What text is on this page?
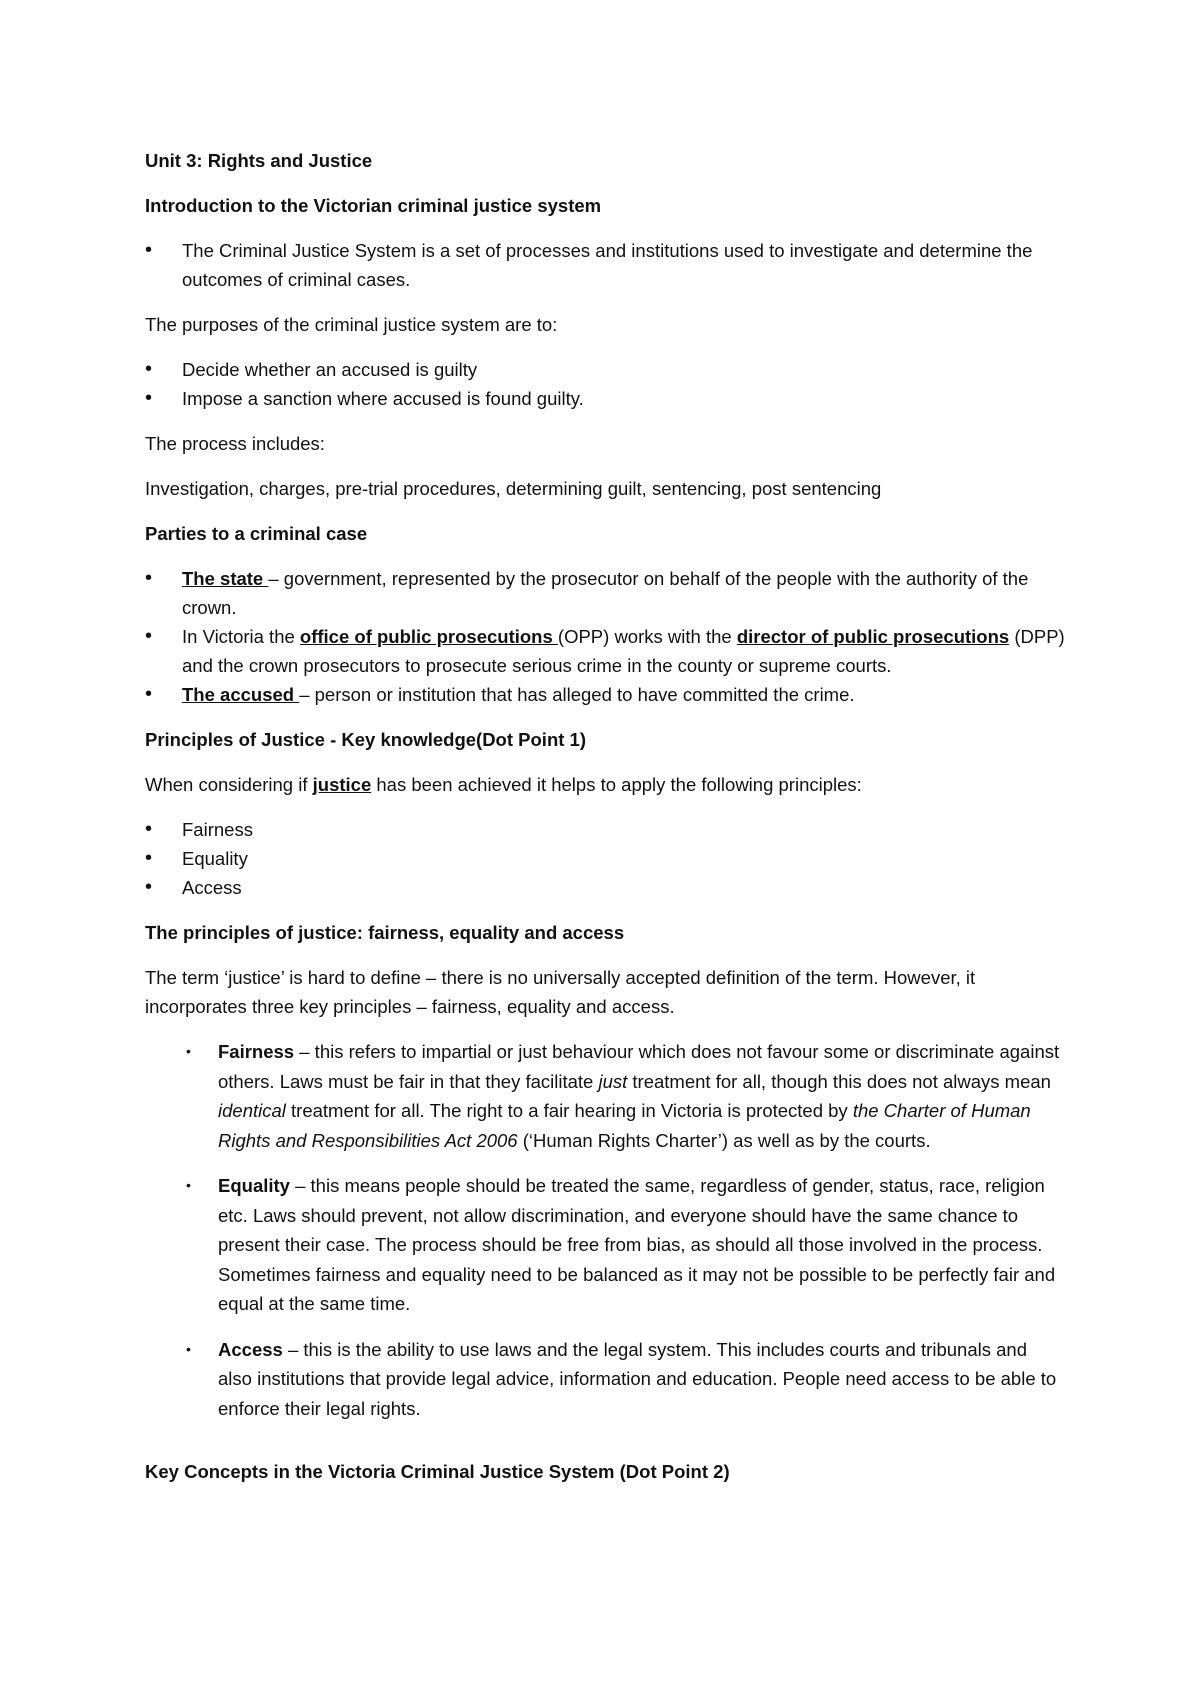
Unit 3: Rights and Justice

Introduction to the Victorian criminal justice system

• The Criminal Justice System is a set of processes and institutions used to investigate and determine the outcomes of criminal cases.

The purposes of the criminal justice system are to:

• Decide whether an accused is guilty
• Impose a sanction where accused is found guilty.

The process includes:

Investigation, charges, pre-trial procedures, determining guilt, sentencing, post sentencing

Parties to a criminal case

• The state – government, represented by the prosecutor on behalf of the people with the authority of the crown.
• In Victoria the office of public prosecutions (OPP) works with the director of public prosecutions (DPP) and the crown prosecutors to prosecute serious crime in the county or supreme courts.
• The accused – person or institution that has alleged to have committed the crime.

Principles of Justice - Key knowledge(Dot Point 1)

When considering if justice has been achieved it helps to apply the following principles:

• Fairness
• Equality
• Access

The principles of justice: fairness, equality and access

The term ‘justice’ is hard to define – there is no universally accepted definition of the term. However, it incorporates three key principles – fairness, equality and access.

• Fairness – this refers to impartial or just behaviour which does not favour some or discriminate against others. Laws must be fair in that they facilitate just treatment for all, though this does not always mean identical treatment for all. The right to a fair hearing in Victoria is protected by the Charter of Human Rights and Responsibilities Act 2006 (‘Human Rights Charter’) as well as by the courts.
• Equality – this means people should be treated the same, regardless of gender, status, race, religion etc. Laws should prevent, not allow discrimination, and everyone should have the same chance to present their case. The process should be free from bias, as should all those involved in the process. Sometimes fairness and equality need to be balanced as it may not be possible to be perfectly fair and equal at the same time.
• Access – this is the ability to use laws and the legal system. This includes courts and tribunals and also institutions that provide legal advice, information and education. People need access to be able to enforce their legal rights.

Key Concepts in the Victoria Criminal Justice System (Dot Point 2)
